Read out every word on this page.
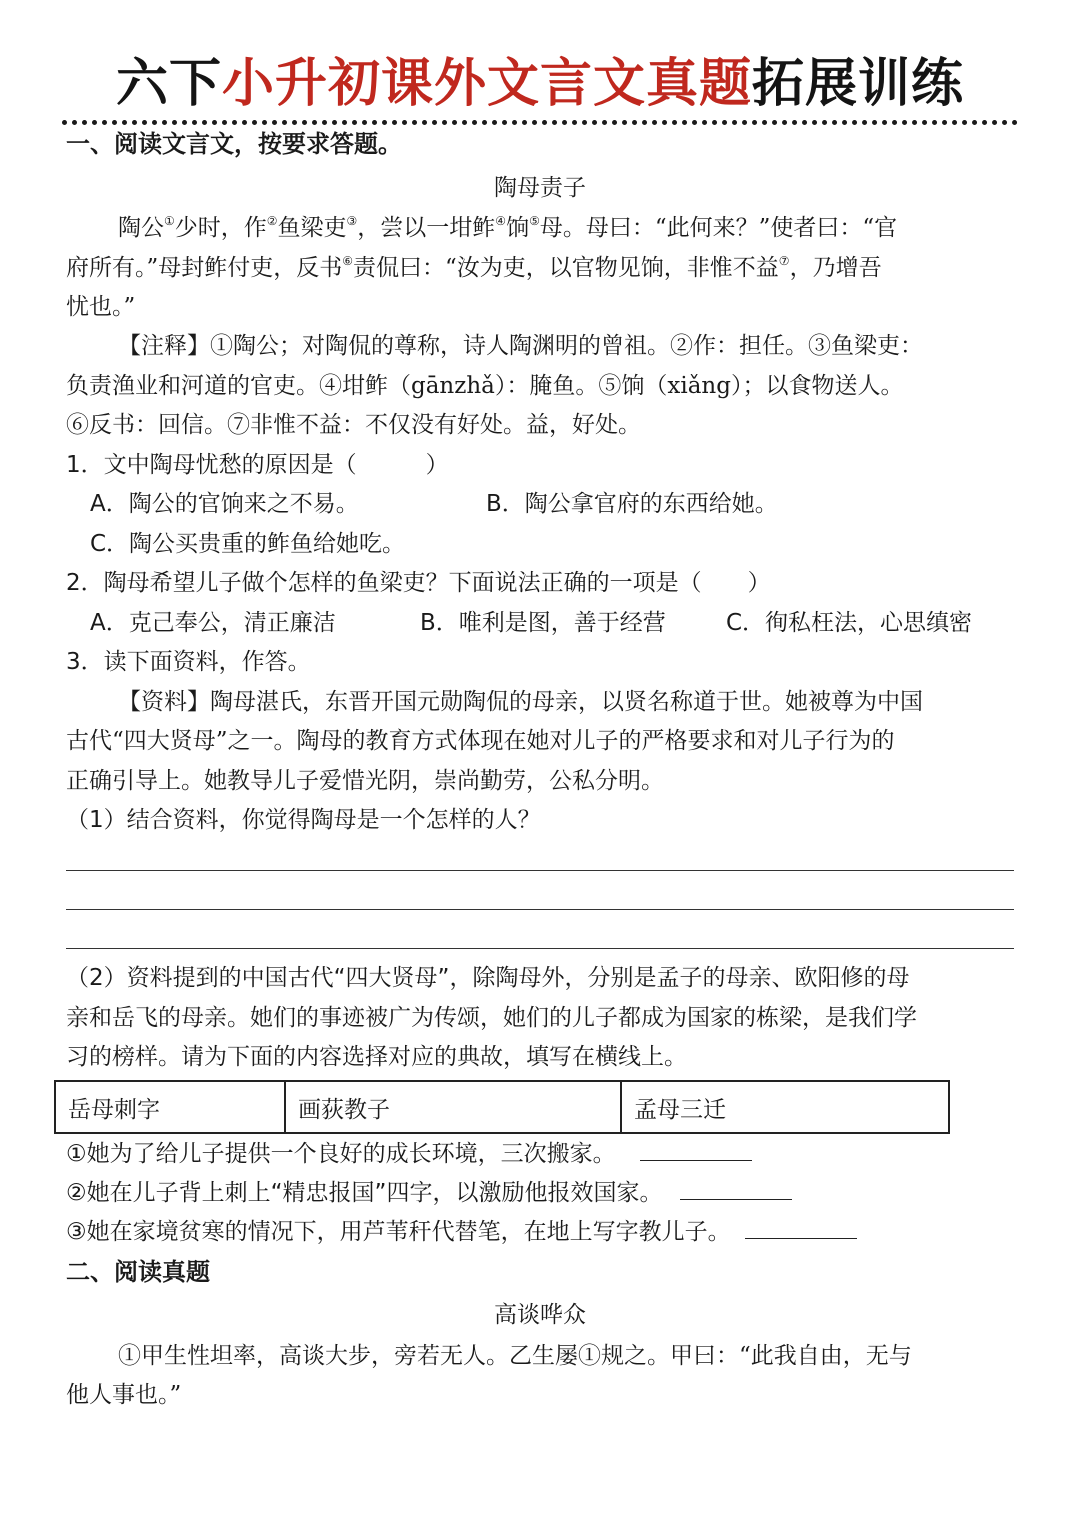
六下小升初课外文言文真题拓展训练
一、阅读文言文，按要求答题。
陶母责子
陶公①少时，作②鱼梁吏③，尝以一坩鲊④饷⑤母。母曰：“此何来？”使者曰：“官
府所有。”母封鲊付吏，反书⑥责侃曰：“汝为吏，以官物见饷，非惟不益⑦，乃增吾
忧也。”
【注释】①陶公；对陶侃的尊称，诗人陶渊明的曾祖。②作：担任。③鱼梁吏：
负责渔业和河道的官吏。④坩鲊（gānzhǎ）：腌鱼。⑤饷（xiǎng）；以食物送人。
⑥反书：回信。⑦非惟不益：不仅没有好处。益，好处。
1．文中陶母忧愁的原因是（　　　）
A．陶公的官饷来之不易。	B．陶公拿官府的东西给她。
C．陶公买贵重的鲊鱼给她吃。
2．陶母希望儿子做个怎样的鱼梁吏？下面说法正确的一项是（　　）
A．克己奉公，清正廉洁	B．唯利是图，善于经营	C．徇私枉法，心思缜密
3．读下面资料，作答。
【资料】陶母湛氏，东晋开国元勋陶侃的母亲，以贤名称道于世。她被尊为中国
古代“四大贤母”之一。陶母的教育方式体现在她对儿子的严格要求和对儿子行为的
正确引导上。她教导儿子爱惜光阴，崇尚勤劳，公私分明。
（1）结合资料，你觉得陶母是一个怎样的人？
（2）资料提到的中国古代“四大贤母”，除陶母外，分别是孟子的母亲、欧阳修的母
亲和岳飞的母亲。她们的事迹被广为传颂，她们的儿子都成为国家的栋梁，是我们学
习的榜样。请为下面的内容选择对应的典故，填写在横线上。
岳母刺字	画荻教子	孟母三迁
①她为了给儿子提供一个良好的成长环境，三次搬家。
②她在儿子背上刺上“精忠报国”四字，以激励他报效国家。
③她在家境贫寒的情况下，用芦苇秆代替笔，在地上写字教儿子。
二、阅读真题
高谈哗众
①甲生性坦率，高谈大步，旁若无人。乙生屡①规之。甲曰：“此我自由，无与
他人事也。”
